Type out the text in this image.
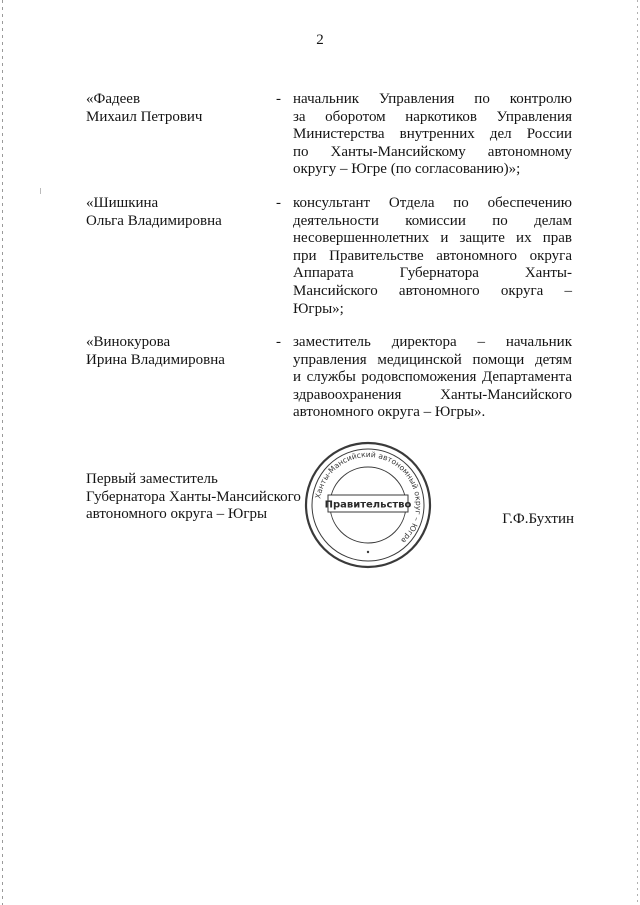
2
«Фадеев
Михаил Петрович
- начальник Управления по контролю
за оборотом наркотиков Управления
Министерства внутренних дел России
по Ханты-Мансийскому автономному
округу – Югре (по согласованию)»;
«Шишкина
Ольга Владимировна
- консультант Отдела по обеспечению
деятельности комиссии по делам
несовершеннолетних и защите их прав
при Правительстве автономного округа
Аппарата Губернатора Ханты-
Мансийского автономного округа –
Югры»;
«Винокурова
Ирина Владимировна
- заместитель директора – начальник
управления медицинской помощи детям
и службы родовспоможения Департамента
здравоохранения Ханты-Мансийского
автономного округа – Югры».
Первый заместитель
Губернатора Ханты-Мансийского
автономного округа – Югры	Г.Ф.Бухтин
Ханты-Мансийский автономный округ – Югра
Правительство
